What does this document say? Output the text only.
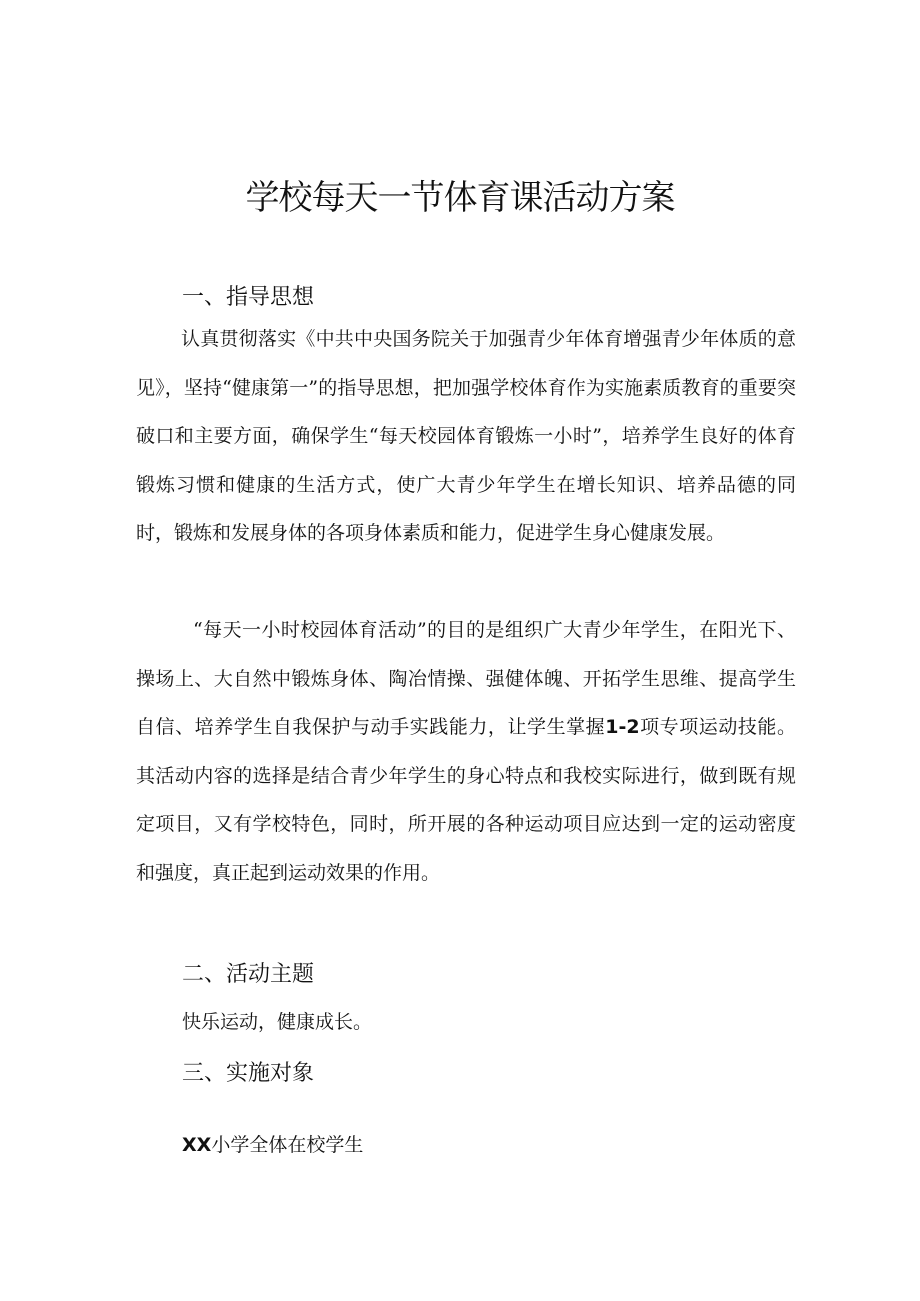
学校每天一节体育课活动方案
一、指导思想

认真贯彻落实《中共中央国务院关于加强青少年体育增强青少年体质的意见》，坚持“健康第一”的指导思想，把加强学校体育作为实施素质教育的重要突破口和主要方面，确保学生“每天校园体育锻炼一小时”，培养学生良好的体育锻炼习惯和健康的生活方式，使广大青少年学生在增长知识、培养品德的同时，锻炼和发展身体的各项身体素质和能力，促进学生身心健康发展。

“每天一小时校园体育活动”的目的是组织广大青少年学生，在阳光下、操场上、大自然中锻炼身体、陶冶情操、强健体魄、开拓学生思维、提高学生自信、培养学生自我保护与动手实践能力，让学生掌握1-2项专项运动技能。其活动内容的选择是结合青少年学生的身心特点和我校实际进行，做到既有规定项目，又有学校特色，同时，所开展的各种运动项目应达到一定的运动密度和强度，真正起到运动效果的作用。

二、活动主题

快乐运动，健康成长。

三、实施对象

XX小学全体在校学生
